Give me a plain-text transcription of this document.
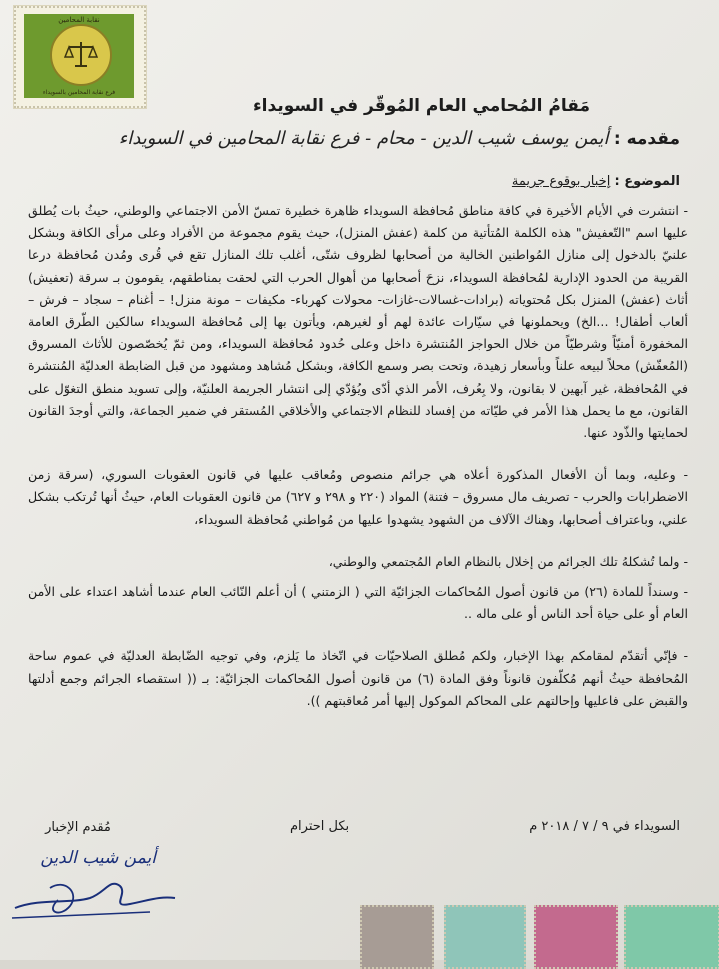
نقابة المحامين
فرع نقابة المحامين بالسويداء
مَقامُ المُحامي العام المُوقّر في السويداء
مقدمه : أيمن يوسف شيب الدين - محام - فرع نقابة المحامين في السويداء
الموضوع : إخبار بوقوع جريمة

- انتشرت في الأيام الأخيرة في كافة مناطق مُحافظة السويداء ظاهرة خطيرة تمسّ الأمن الاجتماعي والوطني، حيثُ بات يُطلق عليها اسم "التّعفيش" هذه الكلمة المُتأتية من كلمة (عفش المنزل)، حيث يقوم مجموعة من الأفراد وعلى مرأى الكافة وبشكل علنيّ بالدخول إلى منازل المُواطنين الخالية من أصحابها لظروف شتّى، أغلب تلك المنازل تقع في قُرى ومُدن مُحافظة درعا القريبة من الحدود الإدارية لمُحافظة السويداء، نزحَ أصحابها من أهوال الحرب التي لحقت بمناطقهم، يقومون بـ سرقة (تعفيش) أثاث (عفش) المنزل بكل مُحتوياته (برادات-غسالات-غازات- محولات كهرباء- مكيفات – مونة منزل! – أغنام – سجاد – فرش – ألعاب أطفال! ...الخ) ويحملونها في سيّارات عائدة لهم أو لغيرهم، ويأتون بها إلى مُحافظة السويداء سالكين الطّرق العامة المخفورة أمنيّاً وشرطيّاً من خلال الحواجز المُنتشرة داخل وعلى حُدود مُحافظة السويداء، ومن ثمّ يُخصّصون للأثاث المسروق (المُعفّش) محلاً لبيعه علناً وبأسعار زهيدة، وتحت بصر وسمع الكافة، وبشكل مُشاهد ومشهود من قبل الضابطة العدليّة المُنتشرة في المُحافظة، غير آبهين لا بقانون، ولا بِعُرف، الأمر الذي أدّى ويُؤدّي إلى انتشار الجريمة العلنيّة، وإلى تسويد منطق التغوّل على القانون، مع ما يحمل هذا الأمر في طيّاته من إفساد للنظام الاجتماعي والأخلاقي المُستقر في ضمير الجماعة، والتي أوجدَ القانون لحمايتها والذّود عنها.

- وعليه، وبما أن الأفعال المذكورة أعلاه هي جرائم منصوص ومُعاقب عليها في قانون العقوبات السوري، (سرقة زمن الاضطرابات والحرب - تصريف مال مسروق – فتنة) المواد (٢٢٠ و ٢٩٨ و ٦٢٧) من قانون العقوبات العام، حيثُ أنها تُرتكب بشكل علني، وباعتراف أصحابها، وهناك الآلاف من الشهود يشهدوا عليها من مُواطني مُحافظة السويداء،

- ولما تُشكلهُ تلك الجرائم من إخلال بالنظام العام المُجتمعي والوطني،

- وسنداً للمادة (٢٦) من قانون أصول المُحاكمات الجزائيّة التي ( الزمتني ) أن أعلم النّائب العام عندما أشاهد اعتداء على الأمن العام أو على حياة أحد الناس أو على ماله ..

- فإنّي أتقدّم لمقامكم بهذا الإخبار، ولكم مُطلق الصلاحيّات في اتّخاذ ما يَلزم، وفي توجيه الضّابطة العدليّة في عموم ساحة المُحافظة حيثُ أنهم مُكلّفون قانوناً وفق المادة (٦) من قانون أصول المُحاكمات الجزائيّة: بـ (( استقصاء الجرائم وجمع أدلتها والقبض على فاعليها وإحالتهم على المحاكم الموكول إليها أمر مُعاقبتهم )).

السويداء في ٩ / ٧ / ٢٠١٨ م
بكل احترام
مُقدم الإخبار
أيمن شيب الدين
